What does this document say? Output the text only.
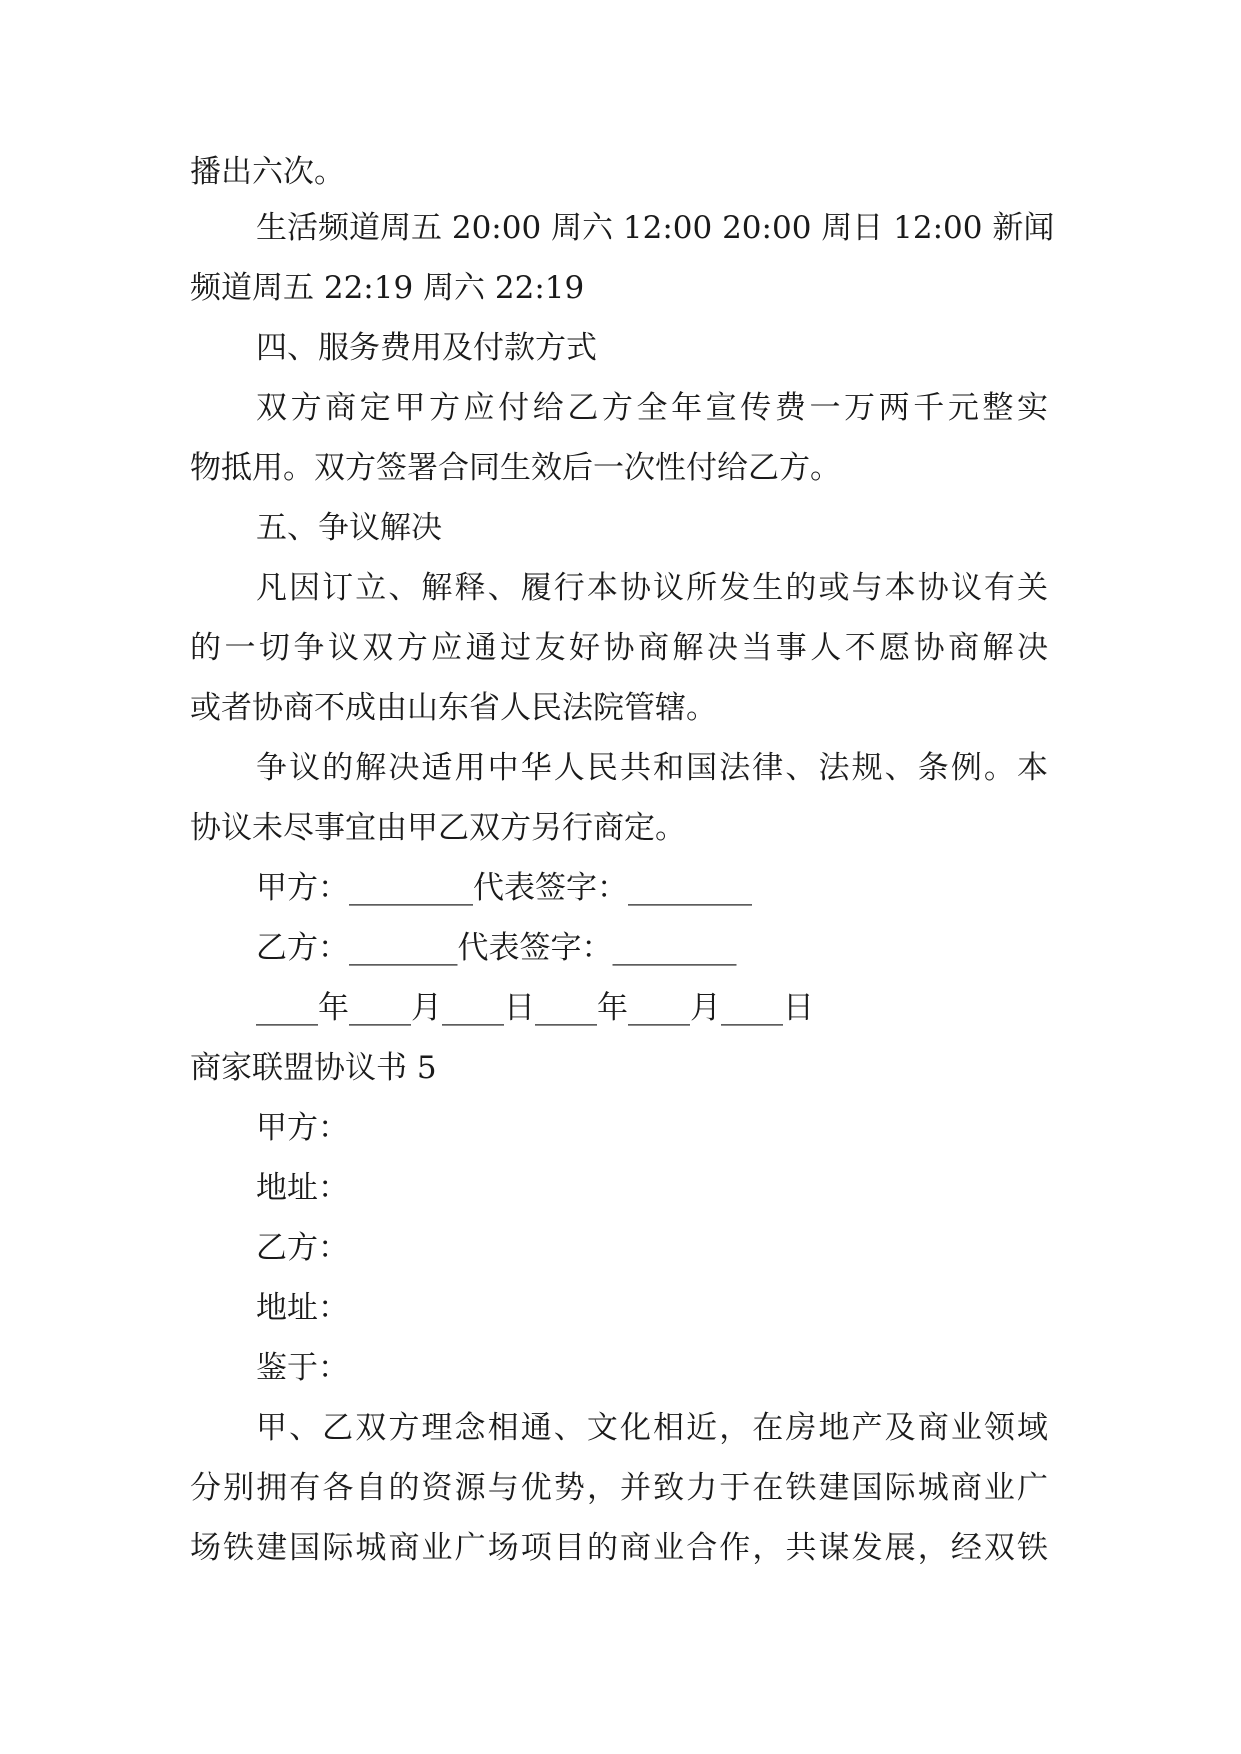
播出六次。
生活频道周五 20:00 周六 12:00 20:00 周日 12:00 新闻
频道周五 22:19 周六 22:19
四、服务费用及付款方式
双方商定甲方应付给乙方全年宣传费一万两千元整实
物抵用。双方签署合同生效后一次性付给乙方。
五、争议解决
凡因订立、解释、履行本协议所发生的或与本协议有关
的一切争议双方应通过友好协商解决当事人不愿协商解决
或者协商不成由山东省人民法院管辖。
争议的解决适用中华人民共和国法律、法规、条例。本
协议未尽事宜由甲乙双方另行商定。
甲方：________代表签字：________
乙方：_______代表签字：________
____年____月____日____年____月____日
商家联盟协议书 5
甲方：
地址：
乙方：
地址：
鉴于：
甲、乙双方理念相通、文化相近，在房地产及商业领域
分别拥有各自的资源与优势，并致力于在铁建国际城商业广
场铁建国际城商业广场项目的商业合作，共谋发展，经双铁
